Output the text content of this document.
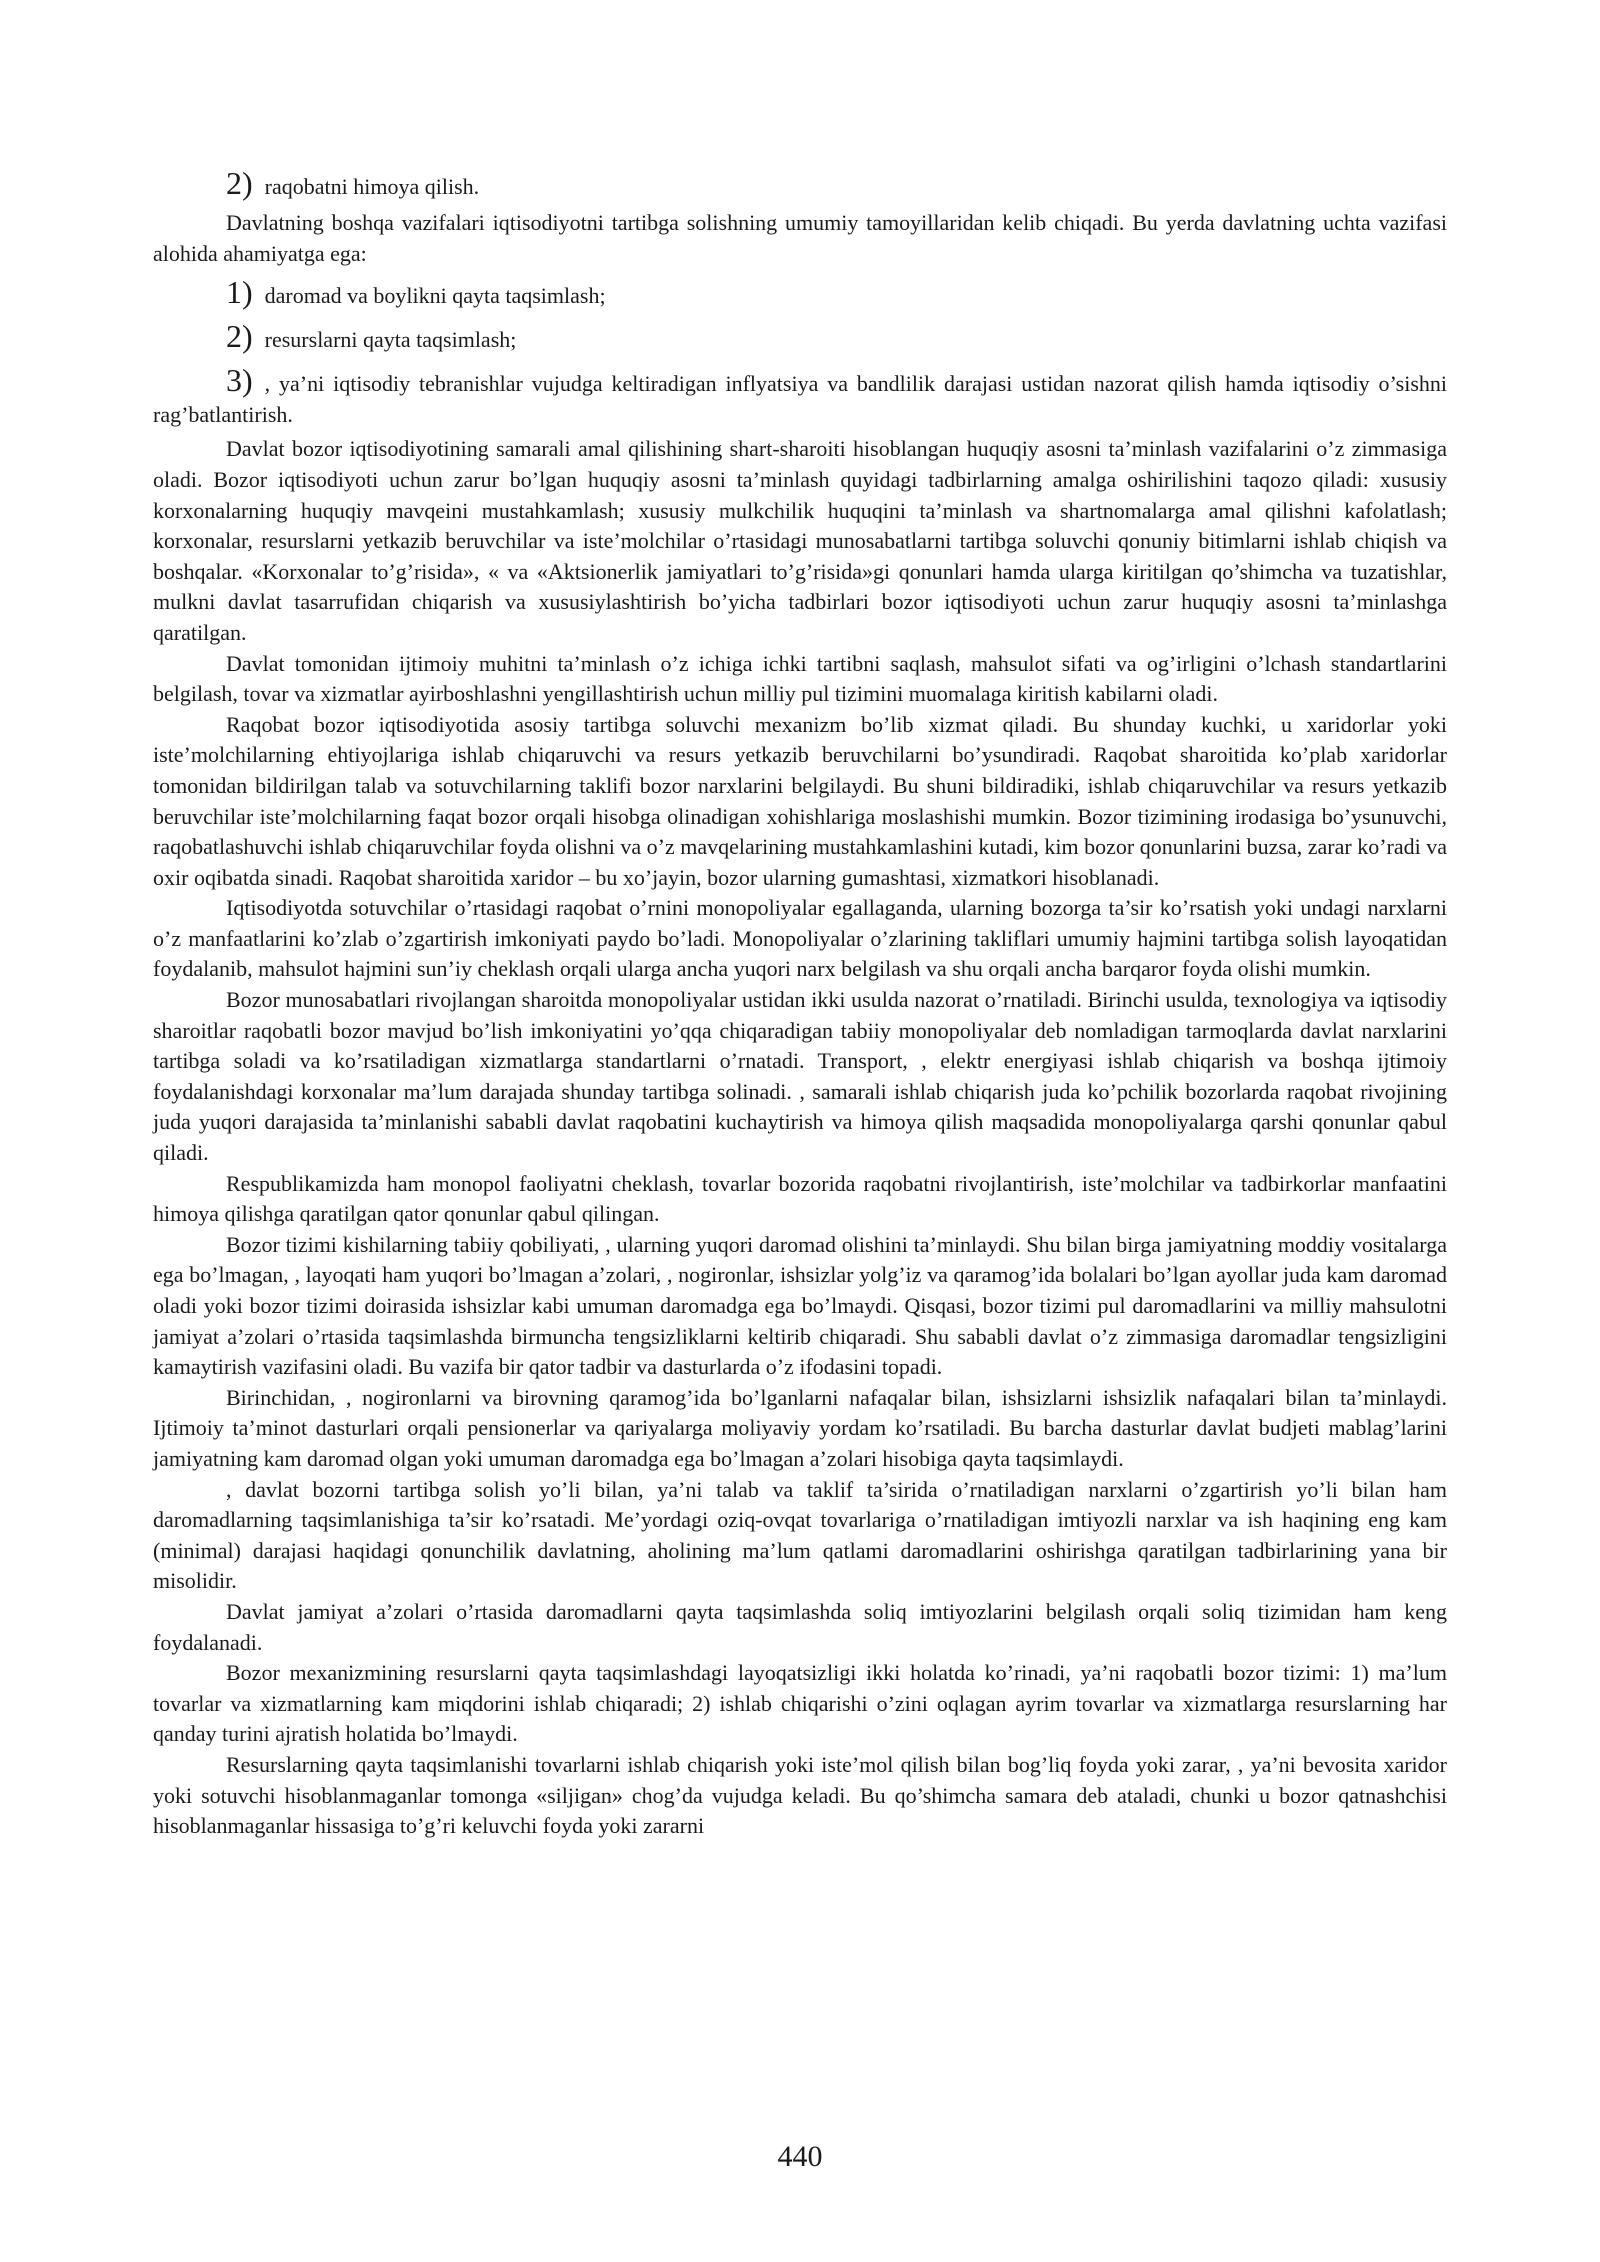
2) raqobatni himoya qilish.

Davlatning boshqa vazifalari iqtisodiyotni tartibga solishning umumiy tamoyillaridan kelib chiqadi. Bu yerda davlatning uchta vazifasi alohida ahamiyatga ega:

1) daromad va boylikni qayta taqsimlash;
2) resurslarni qayta taqsimlash;
3) , ya’ni iqtisodiy tebranishlar vujudga keltiradigan inflyatsiya va bandlilik darajasi ustidan nazorat qilish hamda iqtisodiy o’sishni rag’batlantirish.

Davlat bozor iqtisodiyotining samarali amal qilishining shart-sharoiti hisoblangan huquqiy asosni ta’minlash vazifalarini o’z zimmasiga oladi. Bozor iqtisodiyoti uchun zarur bo’lgan huquqiy asosni ta’minlash quyidagi tadbirlarning amalga oshirilishini taqozo qiladi: xususiy korxonalarning huquqiy mavqeini mustahkamlash; xususiy mulkchilik huquqini ta’minlash va shartnomalarga amal qilishni kafolatlash; korxonalar, resurslarni yetkazib beruvchilar va iste’molchilar o’rtasidagi munosabatlarni tartibga soluvchi qonuniy bitimlarni ishlab chiqish va boshqalar. «Korxonalar to’g’risida», « va «Aktsionerlik jamiyatlari to’g’risida»gi qonunlari hamda ularga kiritilgan qo’shimcha va tuzatishlar, mulkni davlat tasarrufidan chiqarish va xususiylashtirish bo’yicha tadbirlari bozor iqtisodiyoti uchun zarur huquqiy asosni ta’minlashga qaratilgan.

Davlat tomonidan ijtimoiy muhitni ta’minlash o’z ichiga ichki tartibni saqlash, mahsulot sifati va og’irligini o’lchash standartlarini belgilash, tovar va xizmatlar ayirboshlashni yengillashtirish uchun milliy pul tizimini muomalaga kiritish kabilarni oladi.

Raqobat bozor iqtisodiyotida asosiy tartibga soluvchi mexanizm bo’lib xizmat qiladi. Bu shunday kuchki, u xaridorlar yoki iste’molchilarning ehtiyojlariga ishlab chiqaruvchi va resurs yetkazib beruvchilarni bo’ysundiradi. Raqobat sharoitida ko’plab xaridorlar tomonidan bildirilgan talab va sotuvchilarning taklifi bozor narxlarini belgilaydi. Bu shuni bildiradiki, ishlab chiqaruvchilar va resurs yetkazib beruvchilar iste’molchilarning faqat bozor orqali hisobga olinadigan xohishlariga moslashishi mumkin. Bozor tizimining irodasiga bo’ysunuvchi, raqobatlashuvchi ishlab chiqaruvchilar foyda olishni va o’z mavqelarining mustahkamlashini kutadi, kim bozor qonunlarini buzsa, zarar ko’radi va oxir oqibatda sinadi. Raqobat sharoitida xaridor – bu xo’jayin, bozor ularning gumashtasi, xizmatkori hisoblanadi.

Iqtisodiyotda sotuvchilar o’rtasidagi raqobat o’rnini monopoliyalar egallaganda, ularning bozorga ta’sir ko’rsatish yoki undagi narxlarni o’z manfaatlarini ko’zlab o’zgartirish imkoniyati paydo bo’ladi. Monopoliyalar o’zlarining takliflari umumiy hajmini tartibga solish layoqatidan foydalanib, mahsulot hajmini sun’iy cheklash orqali ularga ancha yuqori narx belgilash va shu orqali ancha barqaror foyda olishi mumkin.

Bozor munosabatlari rivojlangan sharoitda monopoliyalar ustidan ikki usulda nazorat o’rnatiladi. Birinchi usulda, texnologiya va iqtisodiy sharoitlar raqobatli bozor mavjud bo’lish imkoniyatini yo’qqa chiqaradigan tabiiy monopoliyalar deb nomladigan tarmoqlarda davlat narxlarini tartibga soladi va ko’rsatiladigan xizmatlarga standartlarni o’rnatadi. Transport, , elektr energiyasi ishlab chiqarish va boshqa ijtimoiy foydalanishdagi korxonalar ma’lum darajada shunday tartibga solinadi. , samarali ishlab chiqarish juda ko’pchilik bozorlarda raqobat rivojining juda yuqori darajasida ta’minlanishi sababli davlat raqobatini kuchaytirish va himoya qilish maqsadida monopoliyalarga qarshi qonunlar qabul qiladi.

Respublikamizda ham monopol faoliyatni cheklash, tovarlar bozorida raqobatni rivojlantirish, iste’molchilar va tadbirkorlar manfaatini himoya qilishga qaratilgan qator qonunlar qabul qilingan.

Bozor tizimi kishilarning tabiiy qobiliyati, , ularning yuqori daromad olishini ta’minlaydi. Shu bilan birga jamiyatning moddiy vositalarga ega bo’lmagan, , layoqati ham yuqori bo’lmagan a’zolari, , nogironlar, ishsizlar yolg’iz va qaramog’ida bolalari bo’lgan ayollar juda kam daromad oladi yoki bozor tizimi doirasida ishsizlar kabi umuman daromadga ega bo’lmaydi. Qisqasi, bozor tizimi pul daromadlarini va milliy mahsulotni jamiyat a’zolari o’rtasida taqsimlashda birmuncha tengsizliklarni keltirib chiqaradi. Shu sababli davlat o’z zimmasiga daromadlar tengsizligini kamaytirish vazifasini oladi. Bu vazifa bir qator tadbir va dasturlarda o’z ifodasini topadi.

Birinchidan, , nogironlarni va birovning qaramog’ida bo’lganlarni nafaqalar bilan, ishsizlarni ishsizlik nafaqalari bilan ta’minlaydi. Ijtimoiy ta’minot dasturlari orqali pensionerlar va qariyalarga moliyaviy yordam ko’rsatiladi. Bu barcha dasturlar davlat budjeti mablag’larini jamiyatning kam daromad olgan yoki umuman daromadga ega bo’lmagan a’zolari hisobiga qayta taqsimlaydi.

, davlat bozorni tartibga solish yo’li bilan, ya’ni talab va taklif ta’sirida o’rnatiladigan narxlarni o’zgartirish yo’li bilan ham daromadlarning taqsimlanishiga ta’sir ko’rsatadi. Me’yordagi oziq-ovqat tovarlariga o’rnatiladigan imtiyozli narxlar va ish haqining eng kam (minimal) darajasi haqidagi qonunchilik davlatning, aholining ma’lum qatlami daromadlarini oshirishga qaratilgan tadbirlarining yana bir misolidir.

Davlat jamiyat a’zolari o’rtasida daromadlarni qayta taqsimlashda soliq imtiyozlarini belgilash orqali soliq tizimidan ham keng foydalanadi.

Bozor mexanizmining resurslarni qayta taqsimlashdagi layoqatsizligi ikki holatda ko’rinadi, ya’ni raqobatli bozor tizimi: 1) ma’lum tovarlar va xizmatlarning kam miqdorini ishlab chiqaradi; 2) ishlab chiqarishi o’zini oqlagan ayrim tovarlar va xizmatlarga resurslarning har qanday turini ajratish holatida bo’lmaydi.

Resurslarning qayta taqsimlanishi tovarlarni ishlab chiqarish yoki iste’mol qilish bilan bog’liq foyda yoki zarar, , ya’ni bevosita xaridor yoki sotuvchi hisoblanmaganlar tomonga «siljigan» chog’da vujudga keladi. Bu qo’shimcha samara deb ataladi, chunki u bozor qatnashchisi hisoblanmaganlar hissasiga to’g’ri keluvchi foyda yoki zararni

440
